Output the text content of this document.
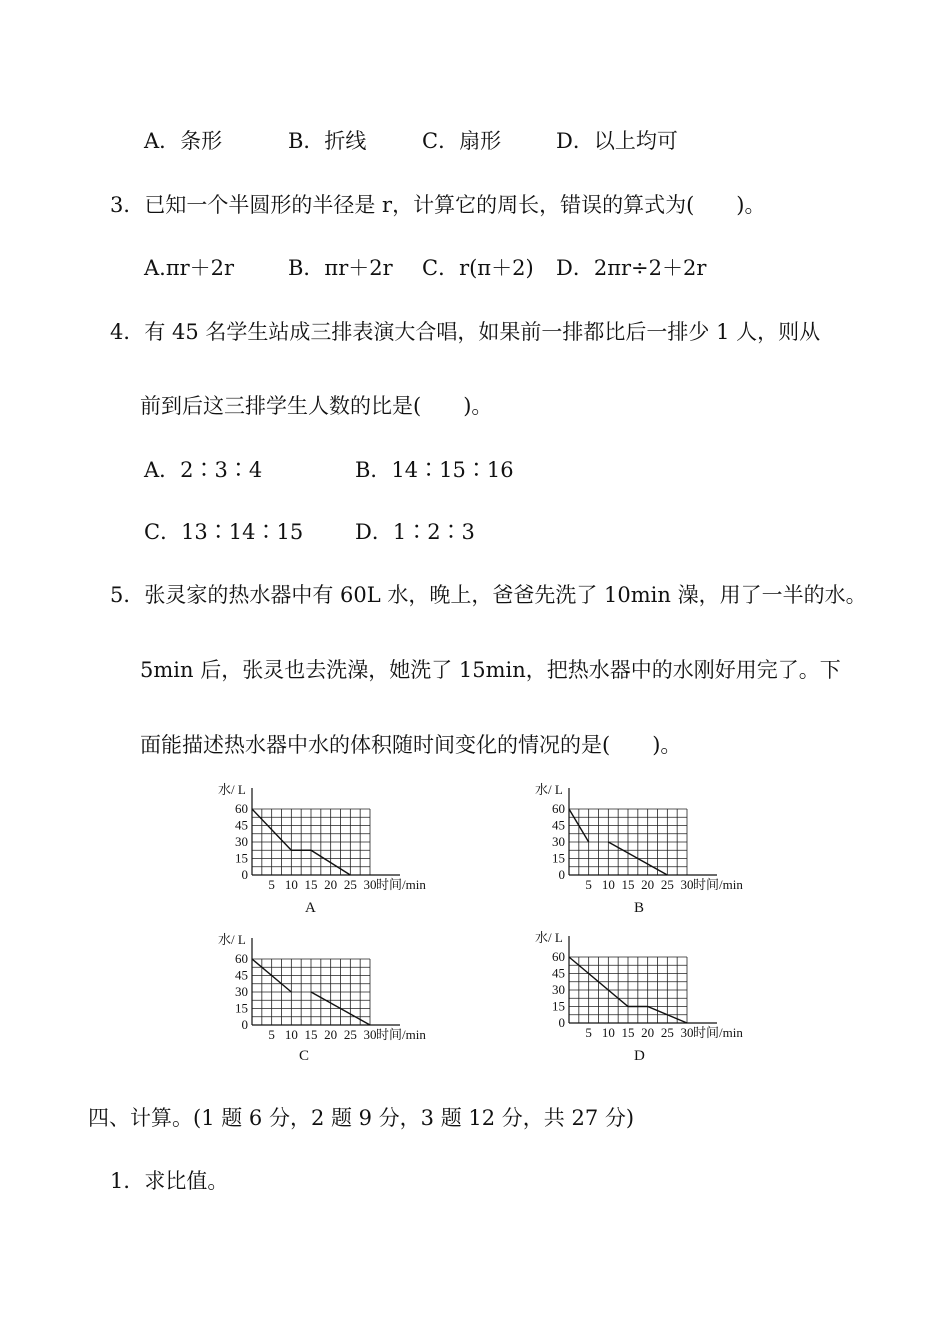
A．条形	B．折线	C．扇形	D．以上均可
3．已知一个半圆形的半径是 r，计算它的周长，错误的算式为(　　)。
A.πr＋2r	B．πr＋2r C．r(π＋2) D．2πr÷2＋2r
4．有 45 名学生站成三排表演大合唱，如果前一排都比后一排少 1 人，则从
前到后这三排学生人数的比是(　　)。
A．2∶3∶4	B．14∶15∶16
C．13∶14∶15 D．1∶2∶3
5．张灵家的热水器中有 60L 水，晚上，爸爸先洗了 10min 澡，用了一半的水。
5min 后，张灵也去洗澡，她洗了 15min，把热水器中的水刚好用完了。下
面能描述热水器中水的体积随时间变化的情况的是(　　)。
0
15
30
45
60
5 10 15 20 25 30
水/ L
时间/min
A
0
15
30
45
60
5 10 15 20 25 30
水/ L
时间/min
B
0
15
30
45
60
5 10 15 20 25 30
水/ L
时间/min
C
0
15
30
45
60
5 10 15 20 25 30
水/ L
时间/min
D
四、计算。(1 题 6 分，2 题 9 分，3 题 12 分，共 27 分)
1．求比值。
